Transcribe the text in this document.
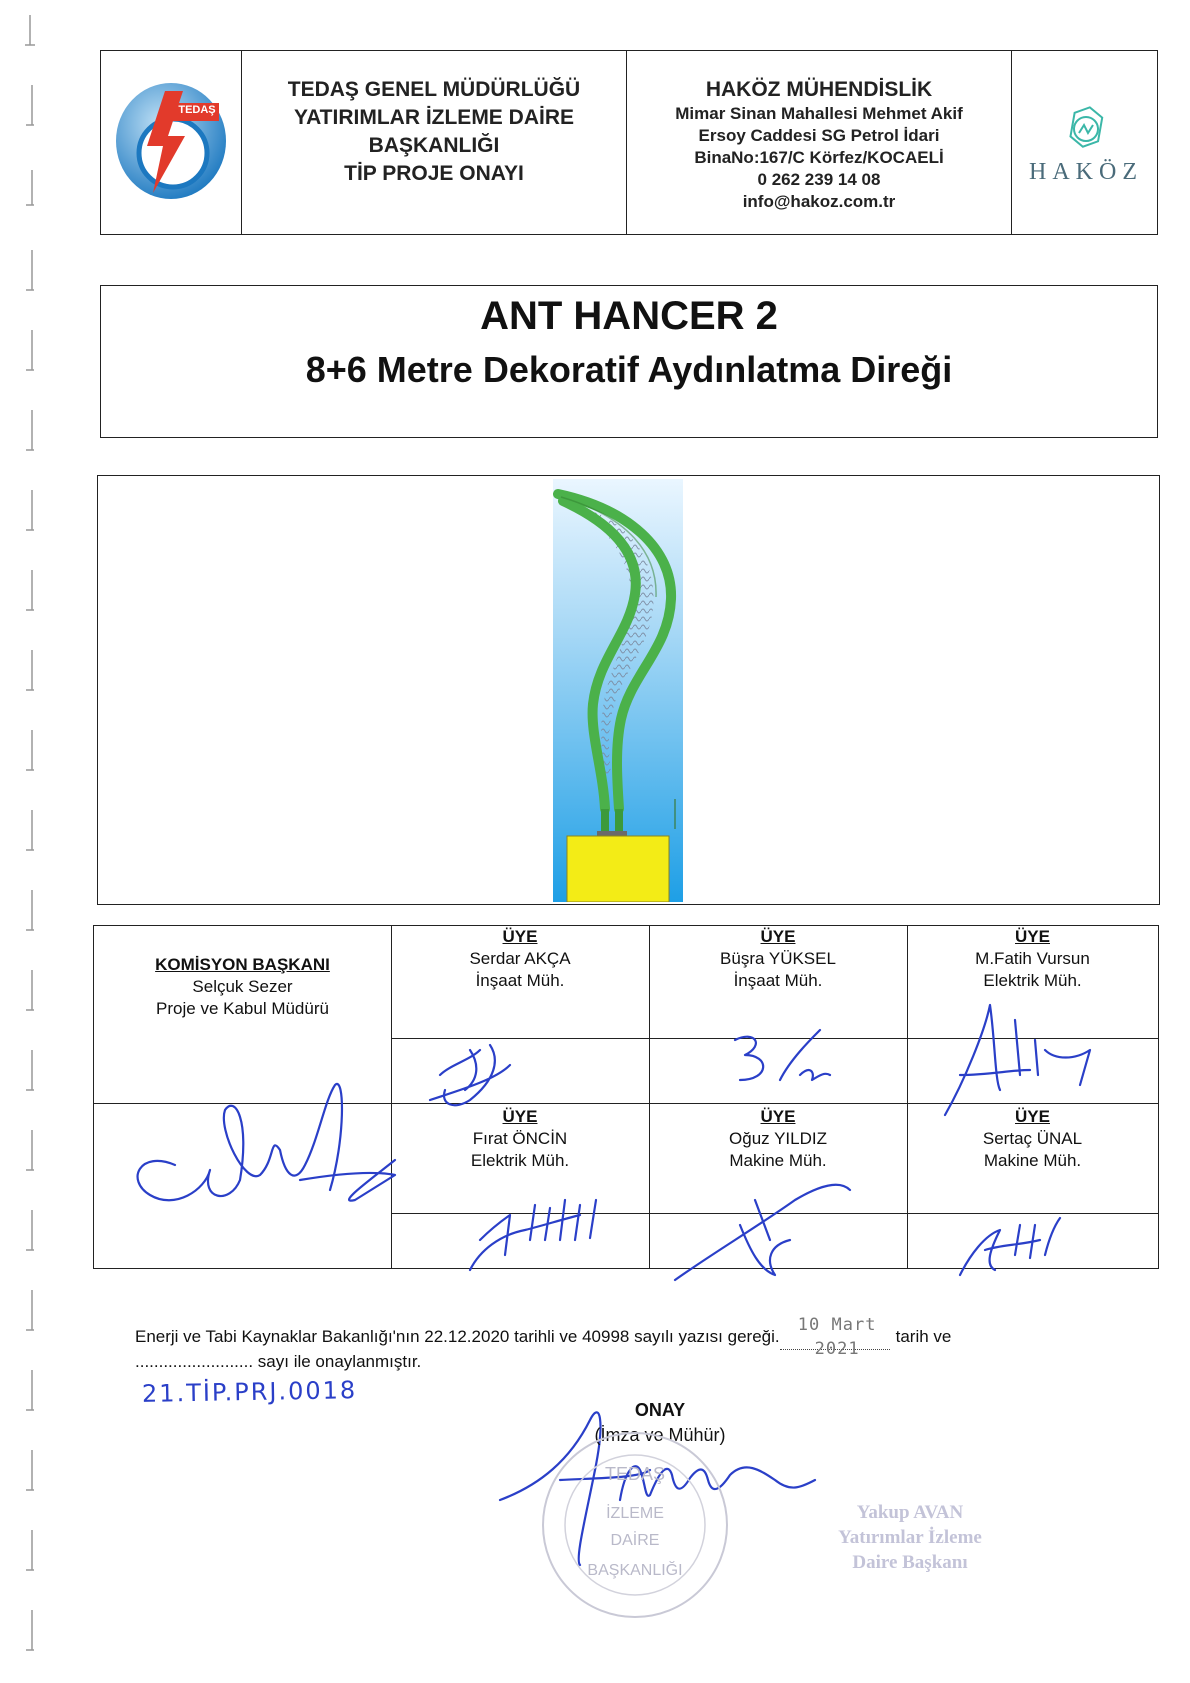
TEDAŞ
TEDAŞ GENEL MÜDÜRLÜĞÜ
YATIRIMLAR İZLEME DAİRE
BAŞKANLIĞI
TİP PROJE ONAYI
HAKÖZ MÜHENDİSLİK
Mimar Sinan Mahallesi Mehmet Akif
Ersoy Caddesi SG Petrol İdari
BinaNo:167/C Körfez/KOCAELİ
0 262 239 14 08
info@hakoz.com.tr
HAKÖZ
ANT HANCER 2
8+6 Metre Dekoratif Aydınlatma Direği
KOMİSYON BAŞKANI
Selçuk Sezer
Proje ve Kabul Müdürü
ÜYE
Serdar AKÇA
İnşaat Müh.
ÜYE
Büşra YÜKSEL
İnşaat Müh.
ÜYE
M.Fatih Vursun
Elektrik Müh.
ÜYE
Fırat ÖNCİN
Elektrik Müh.
ÜYE
Oğuz YILDIZ
Makine Müh.
ÜYE
Sertaç ÜNAL
Makine Müh.
Enerji ve Tabi Kaynaklar Bakanlığı'nın 22.12.2020 tarihli ve 40998 sayılı yazısı gereği.
10 Mart 2021
tarih ve
......................... sayı ile onaylanmıştır.
21.TİP.PRJ.0018
ONAY
(İmza ve Mühür)
TEDAŞ
İZLEME
DAİRE
BAŞKANLIĞI
Yakup AVAN
Yatırımlar İzleme
Daire Başkanı
